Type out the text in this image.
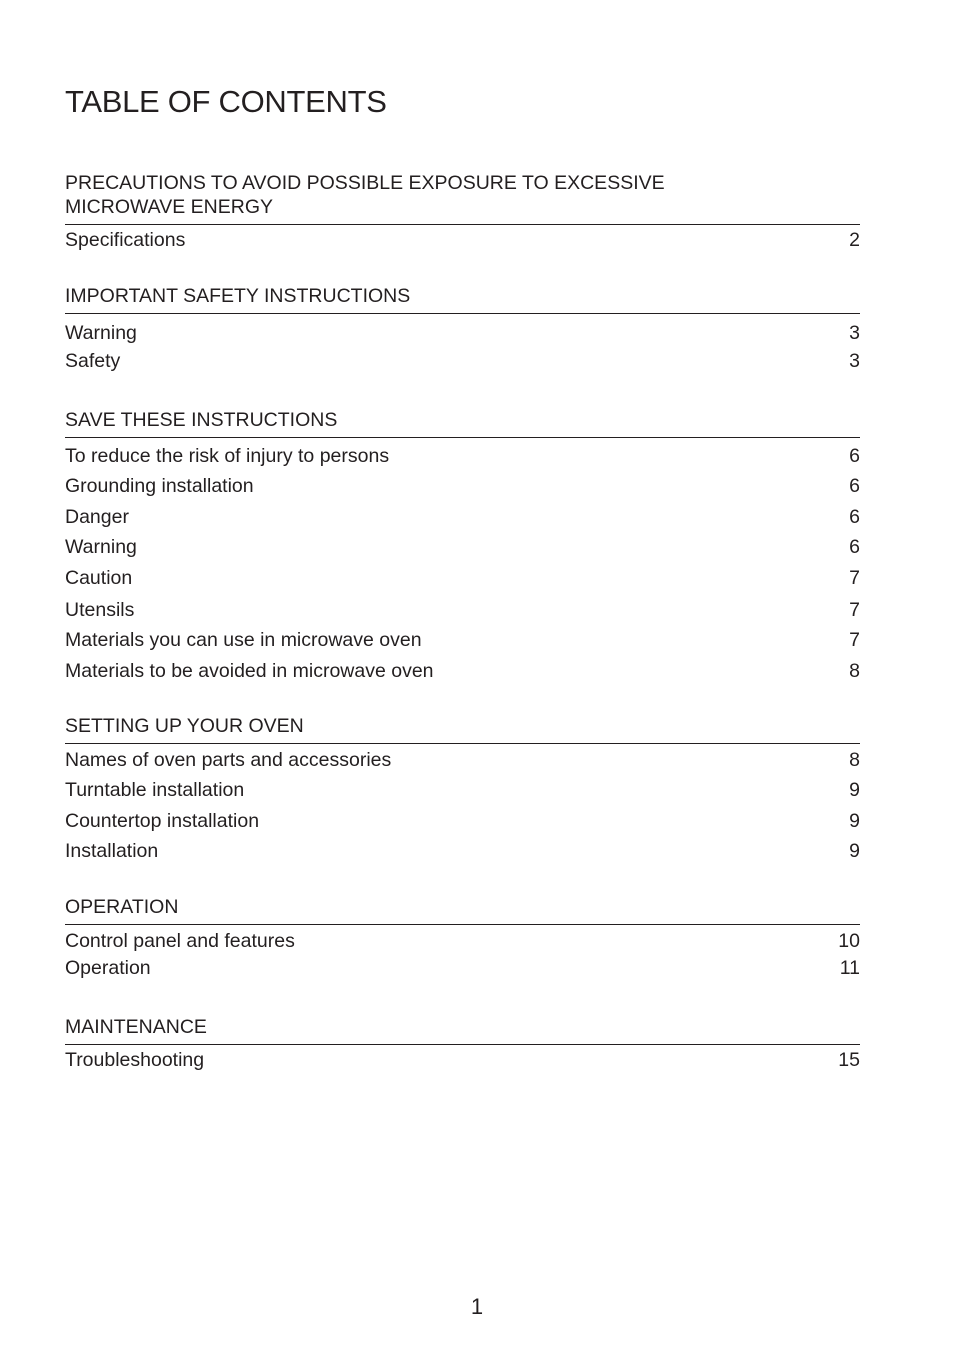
TABLE OF CONTENTS
PRECAUTIONS TO AVOID POSSIBLE EXPOSURE TO EXCESSIVE
MICROWAVE ENERGY
Specifications	2
IMPORTANT SAFETY INSTRUCTIONS
Warning	3
Safety	3
SAVE THESE INSTRUCTIONS
To reduce the risk of injury to persons	6
Grounding installation	6
Danger	6
Warning	6
Caution	7
Utensils	7
Materials you can use in microwave oven	7
Materials to be avoided in microwave oven	8
SETTING UP YOUR OVEN
Names of oven parts and accessories	8
Turntable installation	9
Countertop installation	9
Installation	9
OPERATION
Control panel and features	10
Operation	11
MAINTENANCE
Troubleshooting	15
1
